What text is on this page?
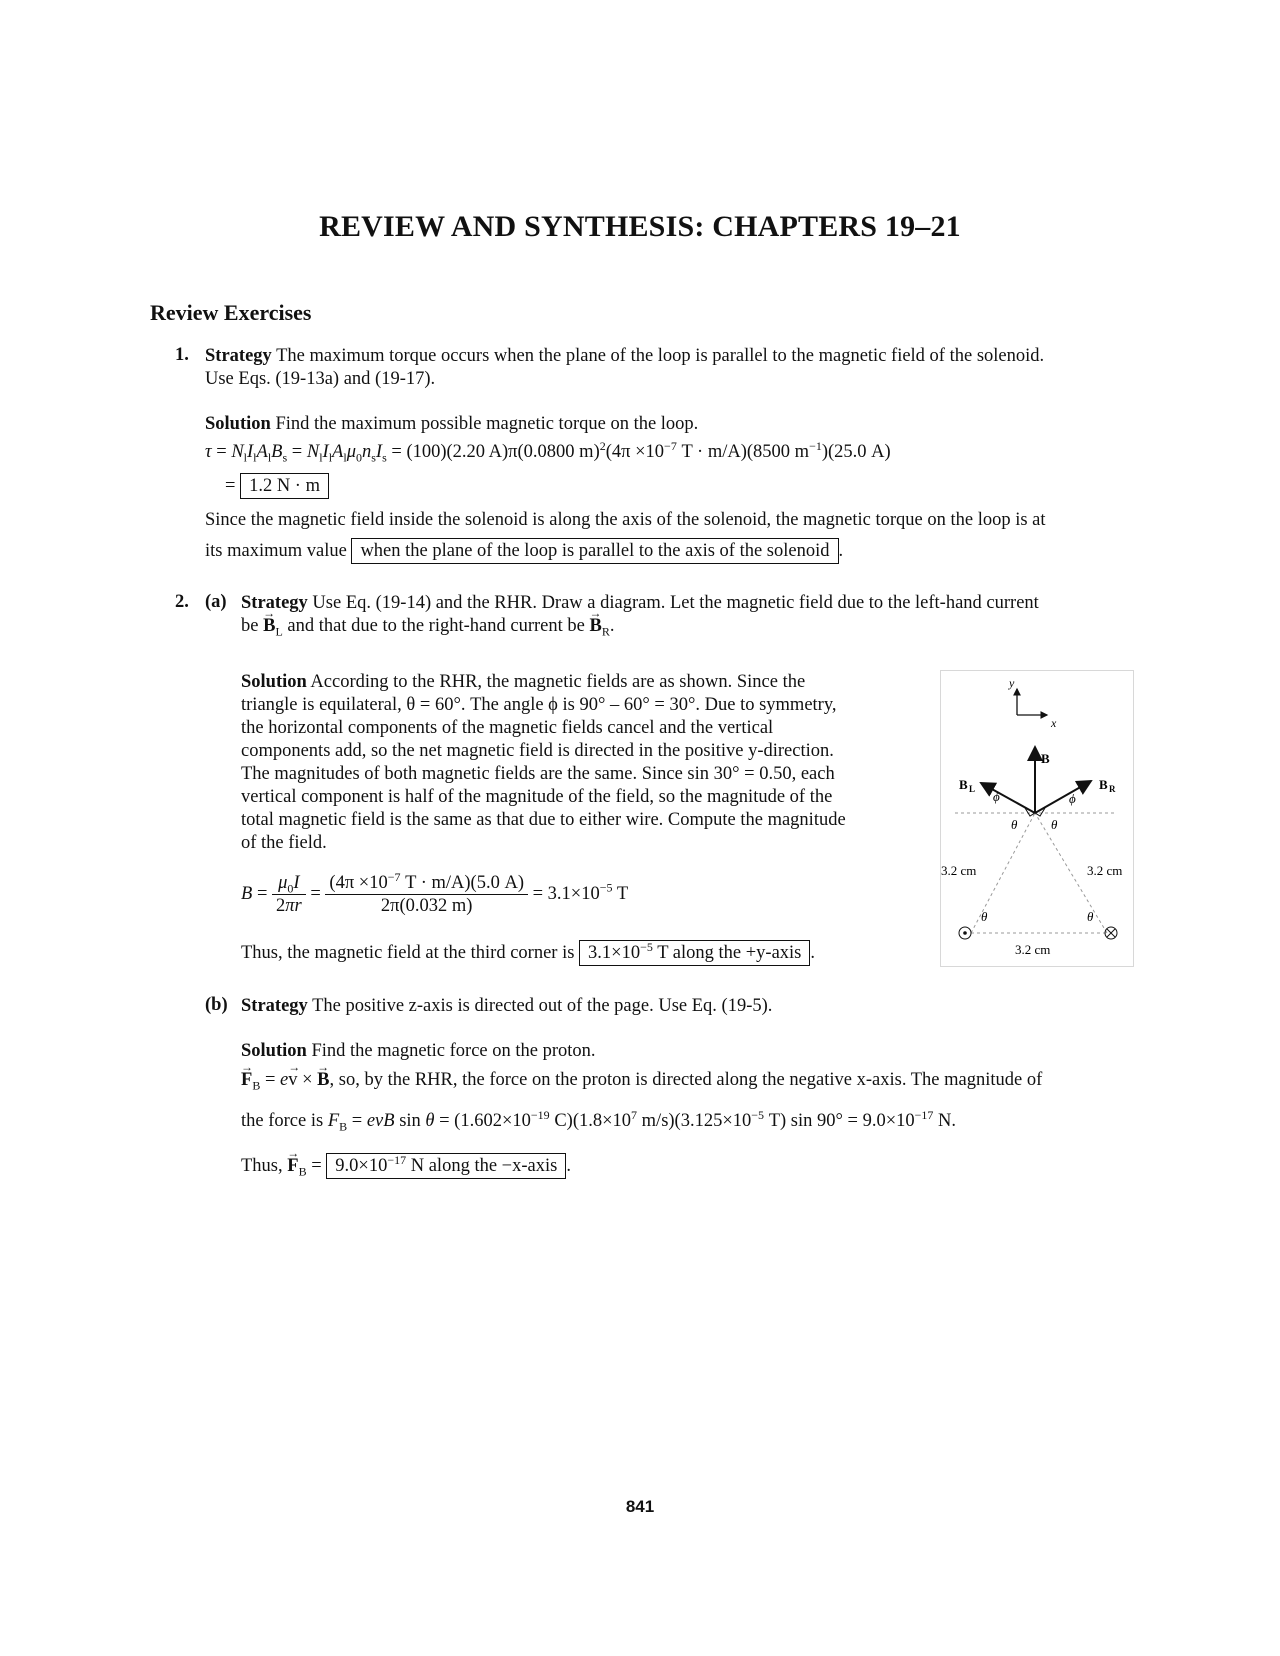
REVIEW AND SYNTHESIS: CHAPTERS 19–21
Review Exercises
1. Strategy The maximum torque occurs when the plane of the loop is parallel to the magnetic field of the solenoid.
Use Eqs. (19-13a) and (19-17).
Solution Find the maximum possible magnetic torque on the loop.
$\tau = N_lI_lA_lB_s = N_lI_lA_l\mu_0n_sI_s = (100)(2.20$ A)π(0.0800 $m)^2(4\pi \times 10^{-7}$ T · m/A)(8500 $m^{-1})(25.0$ A)
= 1.2 N · m
Since the magnetic field inside the solenoid is along the axis of the solenoid, the magnetic torque on the loop is at
its maximum value when the plane of the loop is parallel to the axis of the solenoid .
2. (a) Strategy Use Eq. (19-14) and the RHR. Draw a diagram. Let the magnetic field due to the left-hand current
be → $B_L$ and that due to the right-hand current be → $B_R$.
Solution According to the RHR, the magnetic fields are as shown. Since the
triangle is equilateral, θ = 60°. The angle ϕ is 90° – 60° = 30°. Due to symmetry,
the horizontal components of the magnetic fields cancel and the vertical
components add, so the net magnetic field is directed in the positive y-direction.
The magnitudes of both magnetic fields are the same. Since sin 30° = 0.50, each
vertical component is half of the magnitude of the field, so the magnitude of the
total magnetic field is the same as that due to either wire. Compute the magnitude
of the field.
$B = \frac{\mu_0I}{2\pi r} = \frac{(4\pi \times 10^{-7} T \cdot m/A)(5.0 A)}{2\pi(0.032 m)} = 3.1\times 10^{-5}$ T
Thus, the magnetic field at the third corner is $3.1\times 10^{-5}$ T along the +y-axis .
y
x
B
B L	B R
ϕ	ϕ
θ	θ
θ	θ
3.2 cm	3.2 cm
3.2 cm
(b) Strategy The positive z-axis is directed out of the page. Use Eq. (19-5).
Solution Find the magnetic force on the proton.
→ $F_B = e\to v$ × → B, so, by the RHR, the force on the proton is directed along the negative x-axis. The magnitude of
the force is $F_B$ = evB $\sin \theta = (1.602\times 10^{-19}$ $C)(1.8\times 10^7$ $m/s)(3.125\times 10^{-5}$ T) $\sin 90^\circ = 9.0\times 10^{-17}$ N.
Thus, → $F_B = 9.0\times 10^{-17}$ N along the −x-axis .
841
